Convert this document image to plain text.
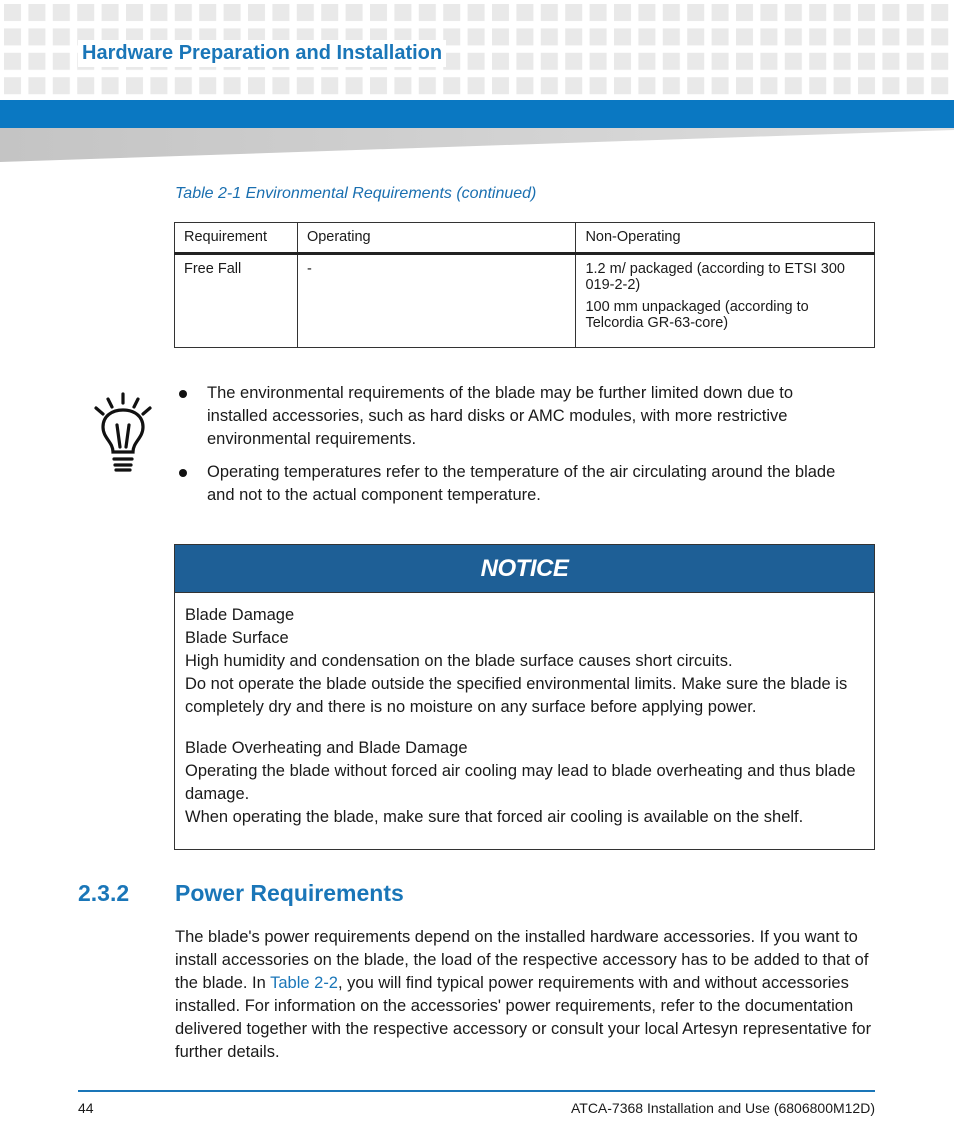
Hardware Preparation and Installation
Table 2-1 Environmental Requirements (continued)
Requirement	Operating	Non-Operating
Free Fall	-	1.2 m/ packaged (according to ETSI 300 019-2-2)

100 mm unpackaged (according to Telcordia GR-63-core)

The environmental requirements of the blade may be further limited down due to installed accessories, such as hard disks or AMC modules, with more restrictive environmental requirements.
Operating temperatures refer to the temperature of the air circulating around the blade and not to the actual component temperature.
NOTICE
Blade Damage
Blade Surface
High humidity and condensation on the blade surface causes short circuits.
Do not operate the blade outside the specified environmental limits. Make sure the blade is completely dry and there is no moisture on any surface before applying power.
Blade Overheating and Blade Damage
Operating the blade without forced air cooling may lead to blade overheating and thus blade damage.
When operating the blade, make sure that forced air cooling is available on the shelf.
2.3.2 Power Requirements
The blade's power requirements depend on the installed hardware accessories. If you want to install accessories on the blade, the load of the respective accessory has to be added to that of the blade. In Table 2-2, you will find typical power requirements with and without accessories installed. For information on the accessories' power requirements, refer to the documentation delivered together with the respective accessory or consult your local Artesyn representative for further details.
44	ATCA-7368 Installation and Use (6806800M12D)
